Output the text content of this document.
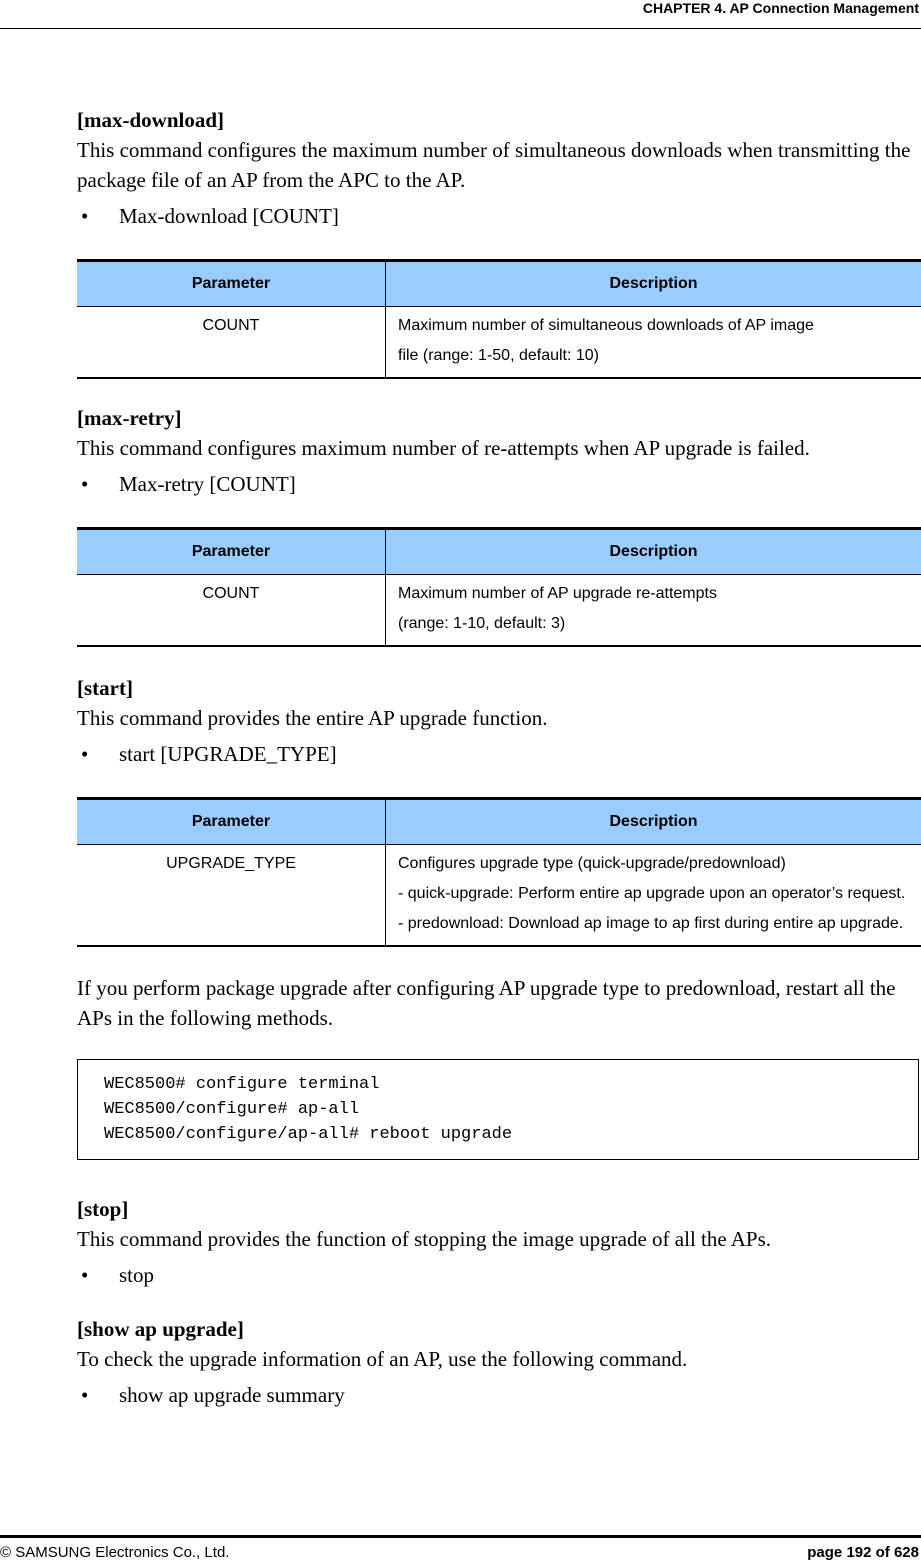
CHAPTER 4. AP Connection Management

[max-download]

This command configures the maximum number of simultaneous downloads when transmitting the package file of an AP from the APC to the AP.

• Max-download [COUNT]

Parameter	Description
COUNT	Maximum number of simultaneous downloads of AP image
file (range: 1-50, default: 10)

[max-retry]

This command configures maximum number of re-attempts when AP upgrade is failed.

• Max-retry [COUNT]

Parameter	Description
COUNT	Maximum number of AP upgrade re-attempts
(range: 1-10, default: 3)

[start]

This command provides the entire AP upgrade function.

• start [UPGRADE_TYPE]

Parameter	Description
UPGRADE_TYPE	Configures upgrade type (quick-upgrade/predownload)
- quick-upgrade: Perform entire ap upgrade upon an operator’s request.
- predownload: Download ap image to ap first during entire ap upgrade.

If you perform package upgrade after configuring AP upgrade type to predownload, restart all the APs in the following methods.

WEC8500# configure terminal
WEC8500/configure# ap-all
WEC8500/configure/ap-all# reboot upgrade

[stop]

This command provides the function of stopping the image upgrade of all the APs.

• stop

[show ap upgrade]

To check the upgrade information of an AP, use the following command.

• show ap upgrade summary

© SAMSUNG Electronics Co., Ltd.	page 192 of 628
